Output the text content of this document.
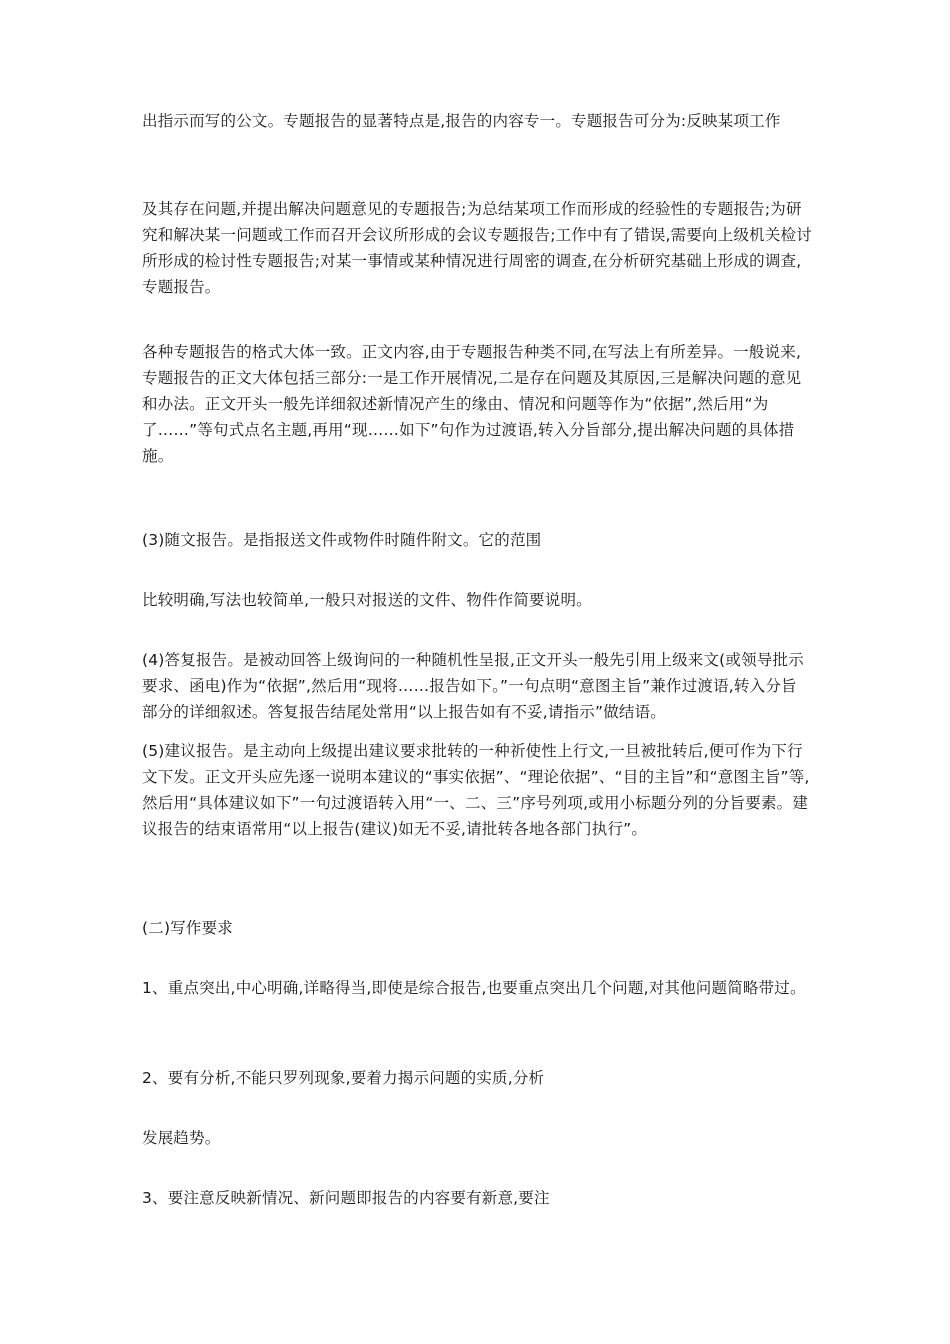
出指示而写的公文。专题报告的显著特点是,报告的内容专一。专题报告可分为:反映某项工作

及其存在问题,并提出解决问题意见的专题报告;为总结某项工作而形成的经验性的专题报告;为研究和解决某一问题或工作而召开会议所形成的会议专题报告;工作中有了错误,需要向上级机关检讨所形成的检讨性专题报告;对某一事情或某种情况进行周密的调查,在分析研究基础上形成的调查,专题报告。

各种专题报告的格式大体一致。正文内容,由于专题报告种类不同,在写法上有所差异。一般说来,专题报告的正文大体包括三部分:一是工作开展情况,二是存在问题及其原因,三是解决问题的意见和办法。正文开头一般先详细叙述新情况产生的缘由、情况和问题等作为“依据”,然后用“为了……”等句式点名主题,再用“现……如下”句作为过渡语,转入分旨部分,提出解决问题的具体措施。

(3)随文报告。是指报送文件或物件时随件附文。它的范围

比较明确,写法也较简单,一般只对报送的文件、物件作简要说明。

(4)答复报告。是被动回答上级询问的一种随机性呈报,正文开头一般先引用上级来文(或领导批示要求、函电)作为“依据”,然后用“现将……报告如下。”一句点明“意图主旨”兼作过渡语,转入分旨部分的详细叙述。答复报告结尾处常用“以上报告如有不妥,请指示”做结语。

(5)建议报告。是主动向上级提出建议要求批转的一种祈使性上行文,一旦被批转后,便可作为下行文下发。正文开头应先逐一说明本建议的“事实依据”、“理论依据”、“目的主旨”和“意图主旨”等,然后用“具体建议如下”一句过渡语转入用“一、二、三”序号列项,或用小标题分列的分旨要素。建议报告的结束语常用“以上报告(建议)如无不妥,请批转各地各部门执行”。

(二)写作要求

1、重点突出,中心明确,详略得当,即使是综合报告,也要重点突出几个问题,对其他问题简略带过。

2、要有分析,不能只罗列现象,要着力揭示问题的实质,分析

发展趋势。

3、要注意反映新情况、新问题即报告的内容要有新意,要注
